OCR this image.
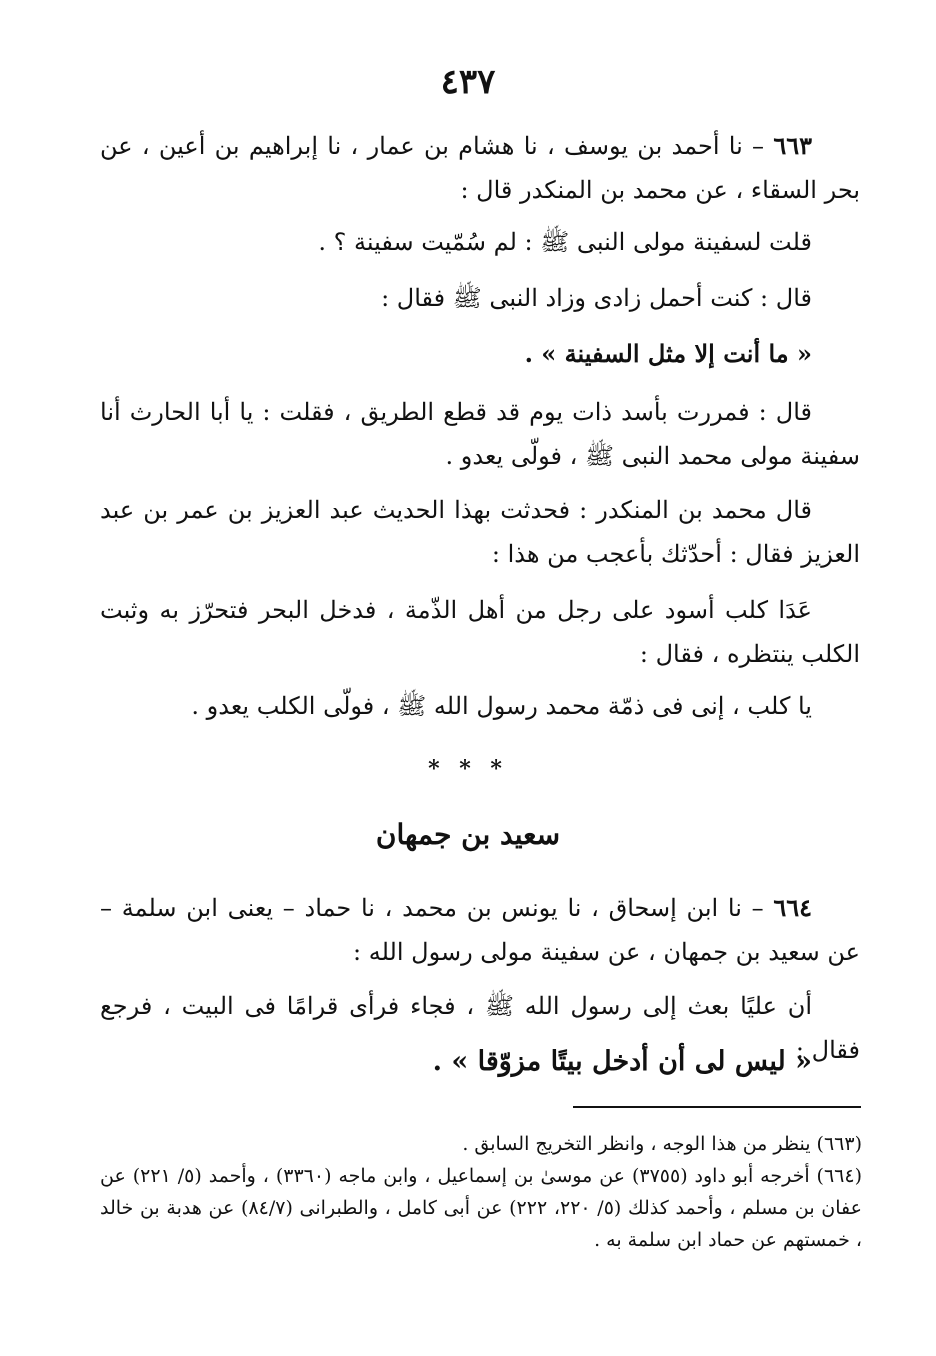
٤٣٧
٦٦٣ – نا أحمد بن يوسف ، نا هشام بن عمار ، نا إبراهيم بن أعين ، عن بحر السقاء ، عن محمد بن المنكدر قال :
قلت لسفينة مولى النبى ﷺ : لم سُمّيت سفينة ؟ .
قال : كنت أحمل زادى وزاد النبى ﷺ فقال :
« ما أنت إلا مثل السفينة » .
قال : فمررت بأسد ذات يوم قد قطع الطريق ، فقلت : يا أبا الحارث أنا سفينة مولى محمد النبى ﷺ ، فولّى يعدو .
قال محمد بن المنكدر : فحدثت بهذا الحديث عبد العزيز بن عمر بن عبد العزيز فقال : أحدّثك بأعجب من هذا :
عَدَا كلب أسود على رجل من أهل الذّمة ، فدخل البحر فتحرّز به وثبت الكلب ينتظره ، فقال :
يا كلب ، إنى فى ذمّة محمد رسول الله ﷺ ، فولّى الكلب يعدو .
* * *
سعيد بن جمهان
٦٦٤ – نا ابن إسحاق ، نا يونس بن محمد ، نا حماد – يعنى ابن سلمة – عن سعيد بن جمهان ، عن سفينة مولى رسول الله :
أن عليًا بعث إلى رسول الله ﷺ ، فجاء فرأى قرامًا فى البيت ، فرجع فقال :
« ليس لى أن أدخل بيتًا مزوّقا » .

(٦٦٣) ينظر من هذا الوجه ، وانظر التخريج السابق .

(٦٦٤) أخرجه أبو داود (٣٧٥٥) عن موسىٰ بن إسماعيل ، وابن ماجه (٣٣٦٠) ، وأحمد (٥/ ٢٢١) عن عفان بن مسلم ، وأحمد كذلك (٥/ ٢٢٠، ٢٢٢) عن أبى كامل ، والطبرانى (٨٤/٧) عن هدبة بن خالد ، خمستهم عن حماد ابن سلمة به .
